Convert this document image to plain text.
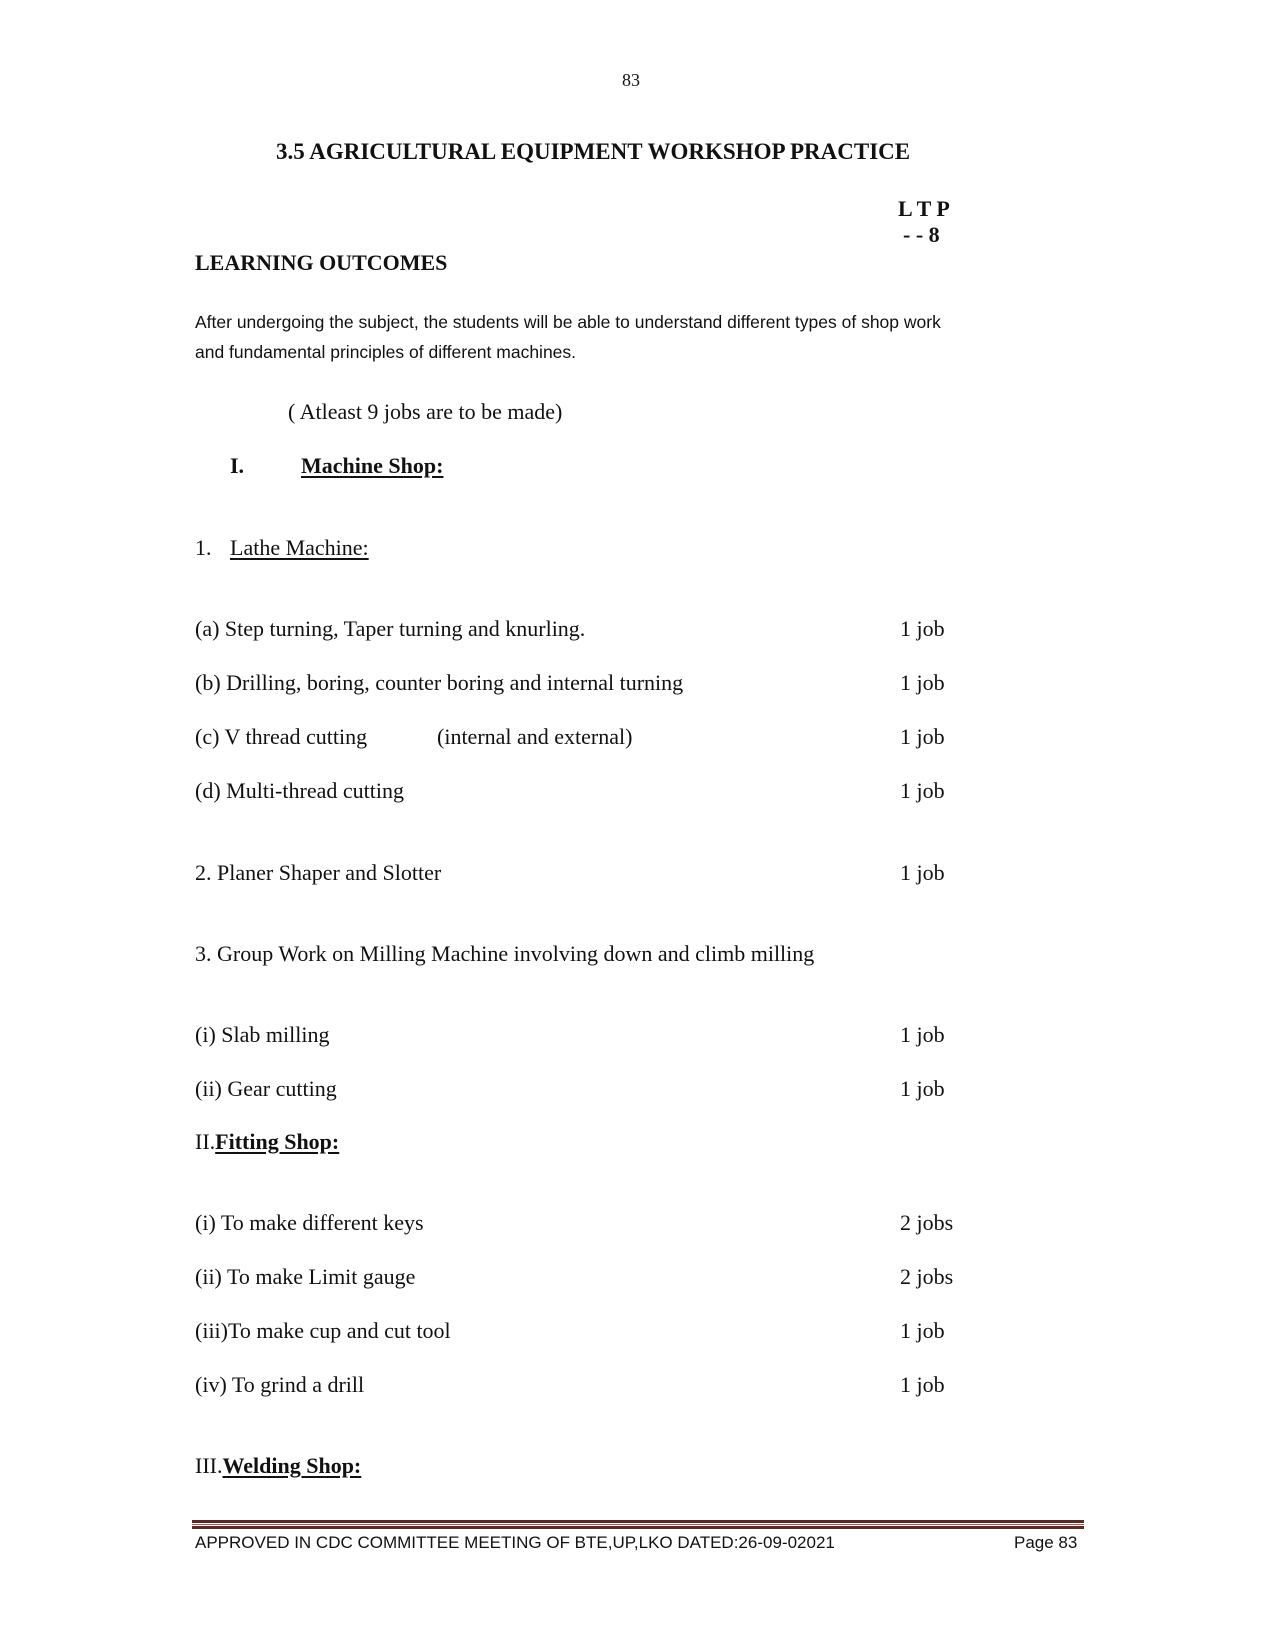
83
3.5 AGRICULTURAL EQUIPMENT WORKSHOP PRACTICE
L T P
- - 8
LEARNING OUTCOMES
After undergoing the subject, the students will be able to understand different types of shop work
and fundamental principles of different machines.
( Atleast 9 jobs are to be made)
I.	Machine Shop:
1. Lathe Machine:
(a) Step turning, Taper turning and knurling.	1 job
(b) Drilling, boring, counter boring and internal turning	1 job
(c) V thread cutting	(internal and external)	1 job
(d) Multi-thread cutting	1 job
2. Planer Shaper and Slotter	1 job
3. Group Work on Milling Machine involving down and climb milling
(i) Slab milling	1 job
(ii) Gear cutting	1 job
II.Fitting Shop:
(i) To make different keys	2 jobs
(ii) To make Limit gauge	2 jobs
(iii)To make cup and cut tool	1 job
(iv) To grind a drill	1 job
III.Welding Shop:
APPROVED IN CDC COMMITTEE MEETING OF BTE,UP,LKO DATED:26-09-02021	Page 83
